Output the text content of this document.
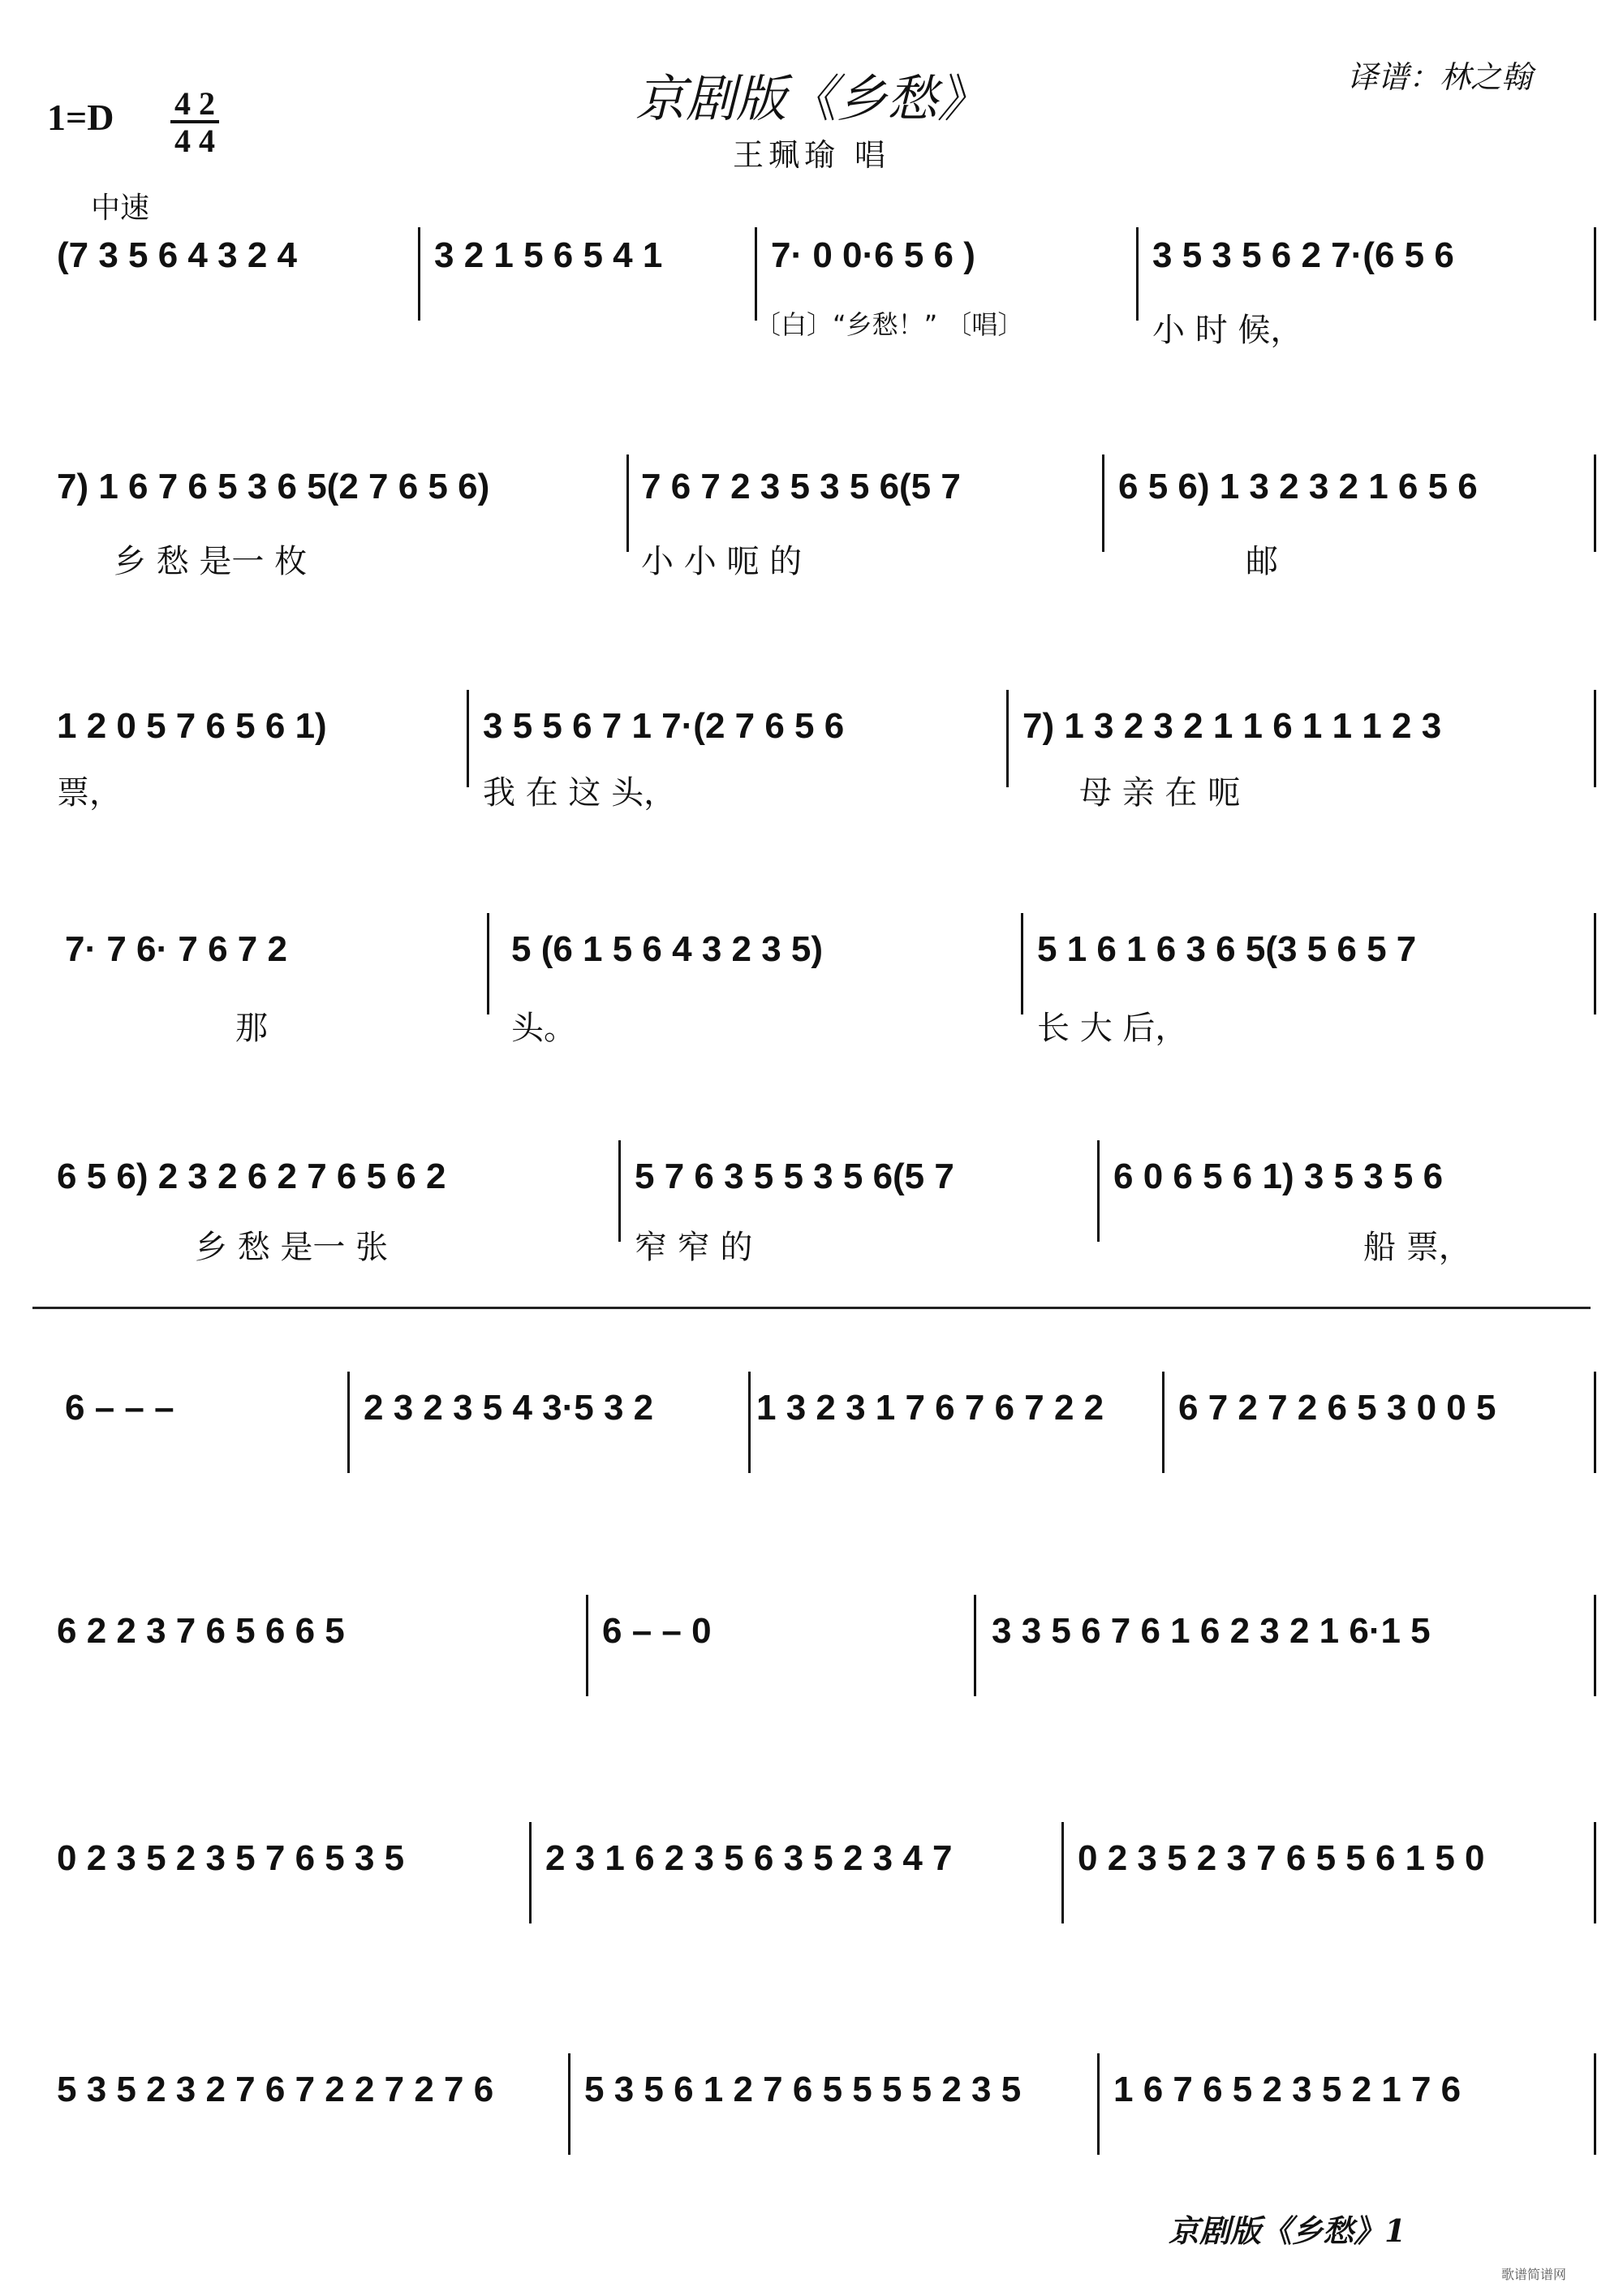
1=D 4 2
4 4
京剧版《乡愁》
王珮瑜 唱
译谱：林之翰
中速
(7 3 5 6 4 3 2 4	3 2 1 5 6 5 4 1	7· 0 0·6 5 6 )
〔白〕“乡愁！” 〔唱〕
3 5 3 5 6 2 7·(6 5 6
小 时 候，
7) 1 6 7 6 5 3 6 5(2 7 6 5 6)
乡 愁 是一 枚
7 6 7 2 3 5 3 5 6(5 7
小 小 呃 的
6 5 6) 1 3 2 3 2 1 6 5 6
邮
1 2 0 5 7 6 5 6 1)
票，
3 5 5 6 7 1 7·(2 7 6 5 6
我 在 这 头，
7) 1 3 2 3 2 1 1 6 1 1 1 2 3
母 亲 在 呃
7· 7 6· 7 6 7 2
那
5 (6 1 5 6 4 3 2 3 5)
头。
5 1 6 1 6 3 6 5(3 5 6 5 7
长 大 后，
6 5 6) 2 3 2 6 2 7 6 5 6 2
乡 愁 是一 张
5 7 6 3 5 5 3 5 6(5 7
窄 窄 的
6 0 6 5 6 1) 3 5 3 5 6
船 票，
6 – – –	2 3 2 3 5 4 3·5 3 2	1 3 2 3 1 7 6 7 6 7 2 2 6 7 2 7 2 6 5 3 0 0 5
6 2 2 3 7 6 5 6 6 5	6 – – 0	3 3 5 6 7 6 1 6 2 3 2 1 6·1 5
0 2 3 5 2 3 5 7 6 5 3 5	2 3 1 6 2 3 5 6 3 5 2 3 4 7	0 2 3 5 2 3 7 6 5 5 6 1 5 0
5 3 5 2 3 2 7 6 7 2 2 7 2 7 6	5 3 5 6 1 2 7 6 5 5 5 5 2 3 5	1 6 7 6 5 2 3 5 2 1 7 6
京剧版《乡愁》1
歌谱简谱网
